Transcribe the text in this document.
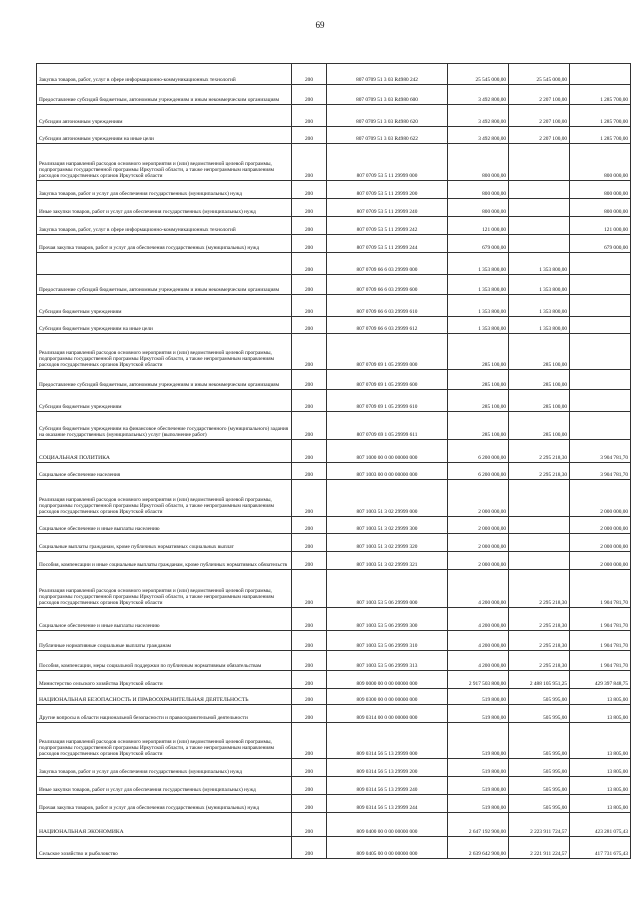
69
Закупка товаров, работ, услуг в сфере информационно-коммуникационных технологий	200	807 0709 51 3 03 R4980 242	25 545 000,00	25 545 000,00	
Предоставление субсидий бюджетным, автономным учреждениям и иным некоммерческим организациям	200	807 0709 51 3 03 R4980 600	3 492 800,00	2 207 100,00	1 285 700,00
Субсидии автономным учреждениям	200	807 0709 51 3 03 R4980 620	3 492 800,00	2 207 100,00	1 285 700,00
Субсидии автономным учреждениям на иные цели	200	807 0709 51 3 03 R4980 622	3 492 800,00	2 207 100,00	1 285 700,00
Реализация направлений расходов основного мероприятия и (или) ведомственной целевой программы, подпрограммы государственной программы Иркутской области, а также непрограммным направлениям расходов государственных органов Иркутской области	200	807 0709 53 5 11 29999 000	800 000,00		800 000,00
Закупка товаров, работ и услуг для обеспечения государственных (муниципальных) нужд	200	807 0709 53 5 11 29999 200	800 000,00		800 000,00
Иные закупки товаров, работ и услуг для обеспечения государственных (муниципальных) нужд	200	807 0709 53 5 11 29999 240	800 000,00		800 000,00
Закупка товаров, работ, услуг в сфере информационно-коммуникационных технологий	200	807 0709 53 5 11 29999 242	121 000,00		121 000,00
Прочая закупка товаров, работ и услуг для обеспечения государственных (муниципальных) нужд	200	807 0709 53 5 11 29999 244	679 000,00		679 000,00
	200	807 0709 66 6 03 29999 000	1 353 800,00	1 353 800,00	
Предоставление субсидий бюджетным, автономным учреждениям и иным некоммерческим организациям	200	807 0709 66 6 03 29999 600	1 353 800,00	1 353 800,00	
Субсидии бюджетным учреждениям	200	807 0709 66 6 03 29999 610	1 353 800,00	1 353 800,00	
Субсидии бюджетным учреждениям на иные цели	200	807 0709 66 6 03 29999 612	1 353 800,00	1 353 800,00	
Реализация направлений расходов основного мероприятия и (или) ведомственной целевой программы, подпрограммы государственной программы Иркутской области, а также непрограммным направлениям расходов государственных органов Иркутской области	200	807 0709 69 1 05 29999 000	285 100,00	285 100,00	
Предоставление субсидий бюджетным, автономным учреждениям и иным некоммерческим организациям	200	807 0709 69 1 05 29999 600	285 100,00	285 100,00	
Субсидии бюджетным учреждениям	200	807 0709 69 1 05 29999 610	285 100,00	285 100,00	
Субсидии бюджетным учреждениям на финансовое обеспечение государственного (муниципального) задания на оказание государственных (муниципальных) услуг (выполнение работ)	200	807 0709 69 1 05 29999 611	285 100,00	285 100,00	
СОЦИАЛЬНАЯ ПОЛИТИКА	200	807 1000 00 0 00 00000 000	6 200 000,00	2 295 218,30	3 904 781,70
Социальное обеспечение населения	200	807 1003 00 0 00 00000 000	6 200 000,00	2 295 218,30	3 904 781,70
Реализация направлений расходов основного мероприятия и (или) ведомственной целевой программы, подпрограммы государственной программы Иркутской области, а также непрограммным направлениям расходов государственных органов Иркутской области	200	807 1003 51 3 02 29999 000	2 000 000,00		2 000 000,00
Социальное обеспечение и иные выплаты населению	200	807 1003 51 3 02 29999 300	2 000 000,00		2 000 000,00
Социальные выплаты гражданам, кроме публичных нормативных социальных выплат	200	807 1003 51 3 02 29999 320	2 000 000,00		2 000 000,00
Пособия, компенсации и иные социальные выплаты гражданам, кроме публичных нормативных обязательств	200	807 1003 51 3 02 29999 321	2 000 000,00		2 000 000,00
Реализация направлений расходов основного мероприятия и (или) ведомственной целевой программы, подпрограммы государственной программы Иркутской области, а также непрограммным направлениям расходов государственных органов Иркутской области	200	807 1003 53 5 06 29999 000	4 200 000,00	2 295 218,30	1 904 781,70
Социальное обеспечение и иные выплаты населению	200	807 1003 53 5 06 29999 300	4 200 000,00	2 295 218,30	1 904 781,70
Публичные нормативные социальные выплаты гражданам	200	807 1003 53 5 06 29999 310	4 200 000,00	2 295 218,30	1 904 781,70
Пособия, компенсации, меры социальной поддержки по публичным нормативным обязательствам	200	807 1003 53 5 06 29999 313	4 200 000,00	2 295 218,30	1 904 781,70
Министерство сельского хозяйства Иркутской области	200	809 0000 00 0 00 00000 000	2 917 503 800,00	2 488 105 951,25	429 397 848,75
НАЦИОНАЛЬНАЯ БЕЗОПАСНОСТЬ И ПРАВООХРАНИТЕЛЬНАЯ ДЕЯТЕЛЬНОСТЬ	200	809 0300 00 0 00 00000 000	519 800,00	505 995,00	13 805,00
Другие вопросы в области национальной безопасности и правоохранительной деятельности	200	809 0314 00 0 00 00000 000	519 800,00	505 995,00	13 805,00
Реализация направлений расходов основного мероприятия и (или) ведомственной целевой программы, подпрограммы государственной программы Иркутской области, а также непрограммным направлениям расходов государственных органов Иркутской области	200	809 0314 56 5 13 29999 000	519 800,00	505 995,00	13 805,00
Закупка товаров, работ и услуг для обеспечения государственных (муниципальных) нужд	200	809 0314 56 5 13 29999 200	519 800,00	505 995,00	13 805,00
Иные закупки товаров, работ и услуг для обеспечения государственных (муниципальных) нужд	200	809 0314 56 5 13 29999 240	519 800,00	505 995,00	13 805,00
Прочая закупка товаров, работ и услуг для обеспечения государственных (муниципальных) нужд	200	809 0314 56 5 13 29999 244	519 800,00	505 995,00	13 805,00
НАЦИОНАЛЬНАЯ ЭКОНОМИКА	200	809 0400 00 0 00 00000 000	2 647 192 900,00	2 223 911 724,57	423 281 075,43
Сельское хозяйство и рыболовство	200	809 0405 00 0 00 00000 000	2 639 642 900,00	2 221 911 224,57	417 731 675,43
